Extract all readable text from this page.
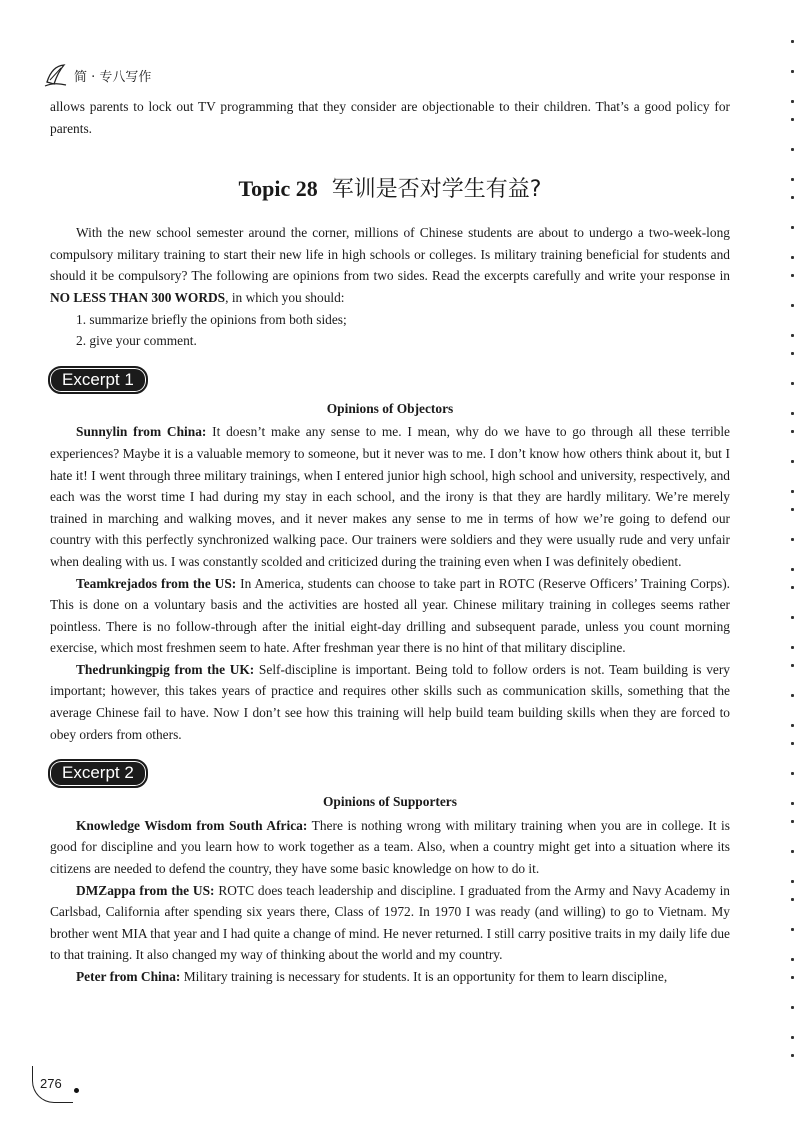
简 · 专八写作

allows parents to lock out TV programming that they consider are objectionable to their children. That’s a good policy for parents.

Topic 28 军训是否对学生有益?

With the new school semester around the corner, millions of Chinese students are about to undergo a two-week-long compulsory military training to start their new life in high schools or colleges. Is military training beneficial for students and should it be compulsory? The following are opinions from two sides. Read the excerpts carefully and write your response in NO LESS THAN 300 WORDS, in which you should:

1. summarize briefly the opinions from both sides;

2. give your comment.

Excerpt 1
Opinions of Objectors

Sunnylin from China: It doesn’t make any sense to me. I mean, why do we have to go through all these terrible experiences? Maybe it is a valuable memory to someone, but it never was to me. I don’t know how others think about it, but I hate it! I went through three military trainings, when I entered junior high school, high school and university, respectively, and each was the worst time I had during my stay in each school, and the irony is that they are hardly military. We’re merely trained in marching and walking moves, and it never makes any sense to me in terms of how we’re going to defend our country with this perfectly synchronized walking pace. Our trainers were soldiers and they were usually rude and very unfair when dealing with us. I was constantly scolded and criticized during the training even when I was definitely obedient.

Teamkrejados from the US: In America, students can choose to take part in ROTC (Reserve Officers’ Training Corps). This is done on a voluntary basis and the activities are hosted all year. Chinese military training in colleges seems rather pointless. There is no follow-through after the initial eight-day drilling and subsequent parade, unless you count morning exercise, which most freshmen seem to hate. After freshman year there is no hint of that military discipline.

Thedrunkingpig from the UK: Self-discipline is important. Being told to follow orders is not. Team building is very important; however, this takes years of practice and requires other skills such as communication skills, something that the average Chinese fail to have. Now I don’t see how this training will help build team building skills when they are forced to obey orders from others.

Excerpt 2
Opinions of Supporters

Knowledge Wisdom from South Africa: There is nothing wrong with military training when you are in college. It is good for discipline and you learn how to work together as a team. Also, when a country might get into a situation where its citizens are needed to defend the country, they have some basic knowledge on how to do it.

DMZappa from the US: ROTC does teach leadership and discipline. I graduated from the Army and Navy Academy in Carlsbad, California after spending six years there, Class of 1972. In 1970 I was ready (and willing) to go to Vietnam. My brother went MIA that year and I had quite a change of mind. He never returned. I still carry positive traits in my daily life due to that training. It also changed my way of thinking about the world and my country.

Peter from China: Military training is necessary for students. It is an opportunity for them to learn discipline,

276
